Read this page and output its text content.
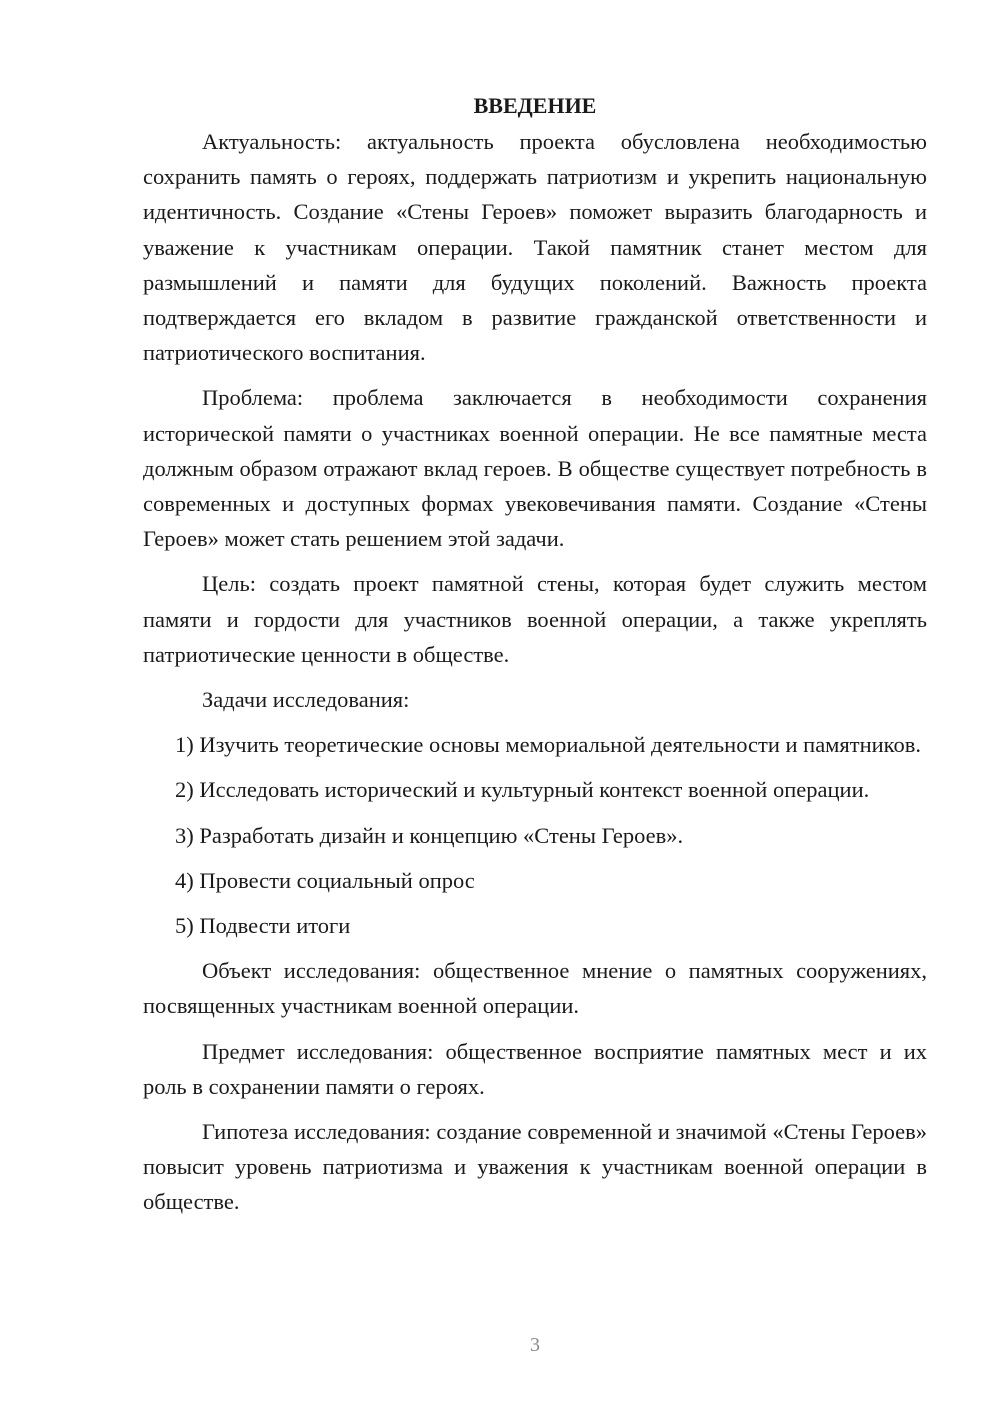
ВВЕДЕНИЕ

Актуальность: актуальность проекта обусловлена необходимостью сохранить память о героях, поддержать патриотизм и укрепить национальную идентичность. Создание «Стены Героев» поможет выразить благодарность и уважение к участникам операции. Такой памятник станет местом для размышлений и памяти для будущих поколений. Важность проекта подтверждается его вкладом в развитие гражданской ответственности и патриотического воспитания.

Проблема: проблема заключается в необходимости сохранения исторической памяти о участниках военной операции. Не все памятные места должным образом отражают вклад героев. В обществе существует потребность в современных и доступных формах увековечивания памяти. Создание «Стены Героев» может стать решением этой задачи.

Цель: создать проект памятной стены, которая будет служить местом памяти и гордости для участников военной операции, а также укреплять патриотические ценности в обществе.

Задачи исследования:

1) Изучить теоретические основы мемориальной деятельности и памятников.

2) Исследовать исторический и культурный контекст военной операции.

3) Разработать дизайн и концепцию «Стены Героев».

4) Провести социальный опрос

5) Подвести итоги

Объект исследования: общественное мнение о памятных сооружениях, посвященных участникам военной операции.

Предмет исследования: общественное восприятие памятных мест и их роль в сохранении памяти о героях.

Гипотеза исследования: создание современной и значимой «Стены Героев» повысит уровень патриотизма и уважения к участникам военной операции в обществе.

3
